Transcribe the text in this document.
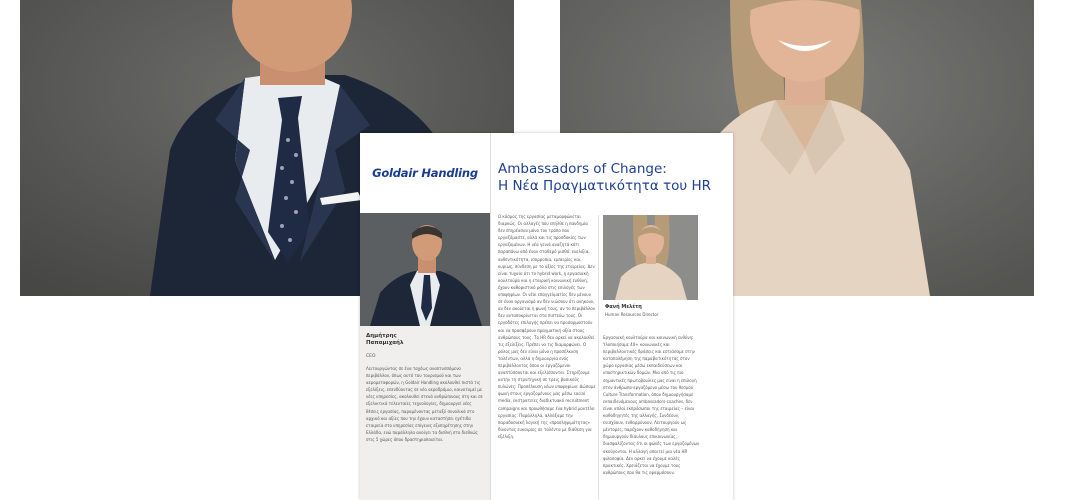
Goldair Handling
Δημήτρης
Παπαμιχαήλ
CEO
Λειτουργώντας σε ένα ταχέως αναπτυσσόμενο περιβάλλον, όπως αυτό του τουρισμού και των αερομεταφορών, η Goldair Handling ακολουθεί πιστά τις εξελίξεις, επενδύοντας σε νέο αεροδρόμιο, καινοτομεί με νέες υπηρεσίες, ακολουθεί στενά ανθρώπινους στη και σε εξελικτικά τελευταίες τεχνολογίες, δημιουργεί νέες θέσεις εργασίας, παραμένοντας μεταξύ συνολικά στο αρχικό και αξίες που την έχουν καταστήσει ηγέτιδα εταιρεία στο υπηρεσίας επίγειας εξυπηρέτησης στην Ελλάδα, ενώ παράλληλα ανοίγει τα διεθνή στο διεθνώς στις 5 χώρες όπου δραστηριοποιείται.
Ambassadors of Change:
Η Νέα Πραγματικότητα του HR
Ο κόσμος της εργασίας μεταμορφώνεται διαρκώς. Οι αλλαγές που επήλθε η πανδημία δεν επηρέασαν μόνο τον τρόπο που εργαζόμαστε, αλλά και τις προσδοκίες των εργαζομένων. Η νέα γενιά αναζητά κάτι παραπάνω από έναν σταθερό μισθό: ευελιξία, αυθεντικότητα, ισορροπία, εμπειρίες και, κυρίως, σύνδεση με το αξίες της εταιρείας. Δεν είναι τυχαίο ότι το hybrid work, η εργασιακή κουλτούρα και η εταιρική κοινωνική ευθύνη, έχουν καθοριστικό ρόλο στις επιλογές των υποψηφίων. Οι νέοι επαγγελματίες δεν μένουν σε έναν οργανισμό αν δεν νιώσουν ότι ανήκουν, αν δεν ακούεται η φωνή τους, αν το περιβάλλον δεν ανταποκρίνεται στα πιστεύω τους. Οι εργοδότες επιλογής πρέπει να προσαρμοστούν και να προσφέρουν πραγματική αξία στους ανθρώπους τους. Το HR δεν αρκεί να ακολουθεί τις εξελίξεις. Πρέπει να τις διαμορφώνει. Ο ρόλος μας δεν είναι μόνο η προσέλκυση ταλέντων, αλλά η δημιουργία ενός περιβάλλοντος όπου οι εργαζόμενοι αναπτύσσονται και εξελίσσονται. Στηρίζουμε αυτήν τη στρατηγική σε τρεις βασικούς πυλώνες: Προσέλκυση νέων υποψηφίων: Δώσαμε φωνή στους εργαζομένους μας μέσω social media, εκστρατείες διαδικτυακό recruitment campaigns και προωθήσαμε ένα hybrid μοντέλο εργασίας. Παράλληλα, αλλάξαμε την παραδοσιακή λογική της «προσληψιμότητας» δίνοντας ευκαιρίες σε ταλέντα με διάθεση για εξέλιξη.
Φανή Μελέτη
Human Resources Director
Εργασιακή κουλτούρα και κοινωνική ευθύνη: Υλοποιήσαμε 40+ κοινωνικές και περιβαλλοντικές δράσεις και εστιάσαμε στην καταπολέμηση της παραβατικότητας στον χώρο εργασίας μέσω εκπαιδεύσεων και υποστηρικτικών δομών. Μια από τις πιο σημαντικές πρωτοβουλίες μας είναι η επιλογή στον άνθρωπο-εργαζόμενο μέσω του θεσμού Culture Transformation, όπου δημιουργήσαμε εκπαιδευόμενους ambassadors-coaches, δεν είναι απλοί εκπρόσωποι της εταιρείας – είναι καθοδηγητές της αλλαγής. Συνδέουν, ενισχύουν, ενθαρρύνουν. Λειτουργούν ως μέντορες, παρέχουν καθοδήγηση και δημιουργούν δίαυλους επικοινωνίας, διασφαλίζοντας ότι οι φωνές των εργαζομένων ακούγονται. Η αλλαγή απαιτεί μια νέα HR φιλοσοφία. Δεν αρκεί να έχουμε καλές πρακτικές. Χρειάζεται να έχουμε τους ανθρώπους που θα τις εφαρμόσουν.
